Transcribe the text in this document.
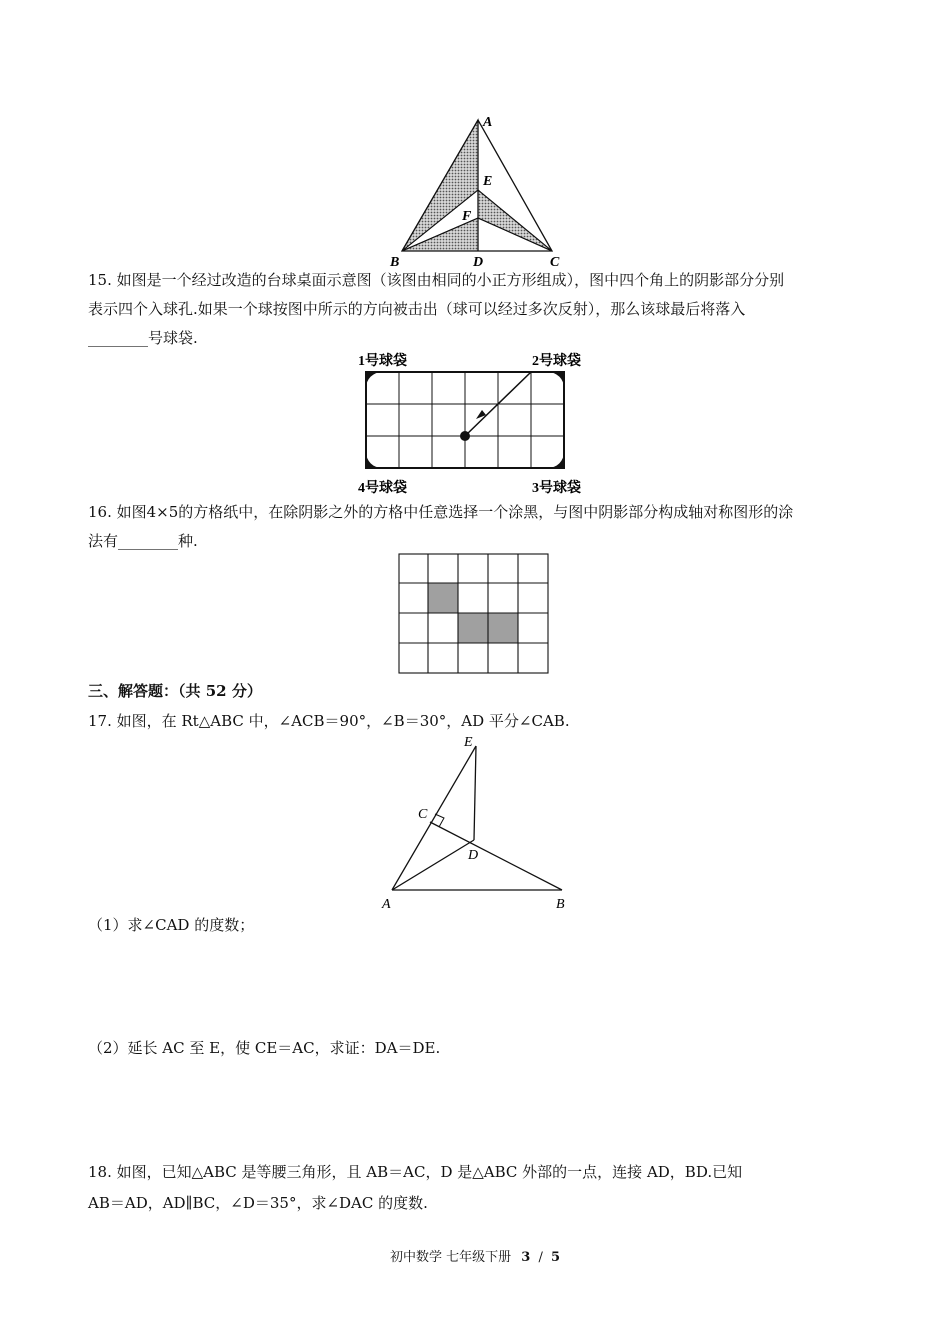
A
E
F
B	D	C
15. 如图是一个经过改造的台球桌面示意图（该图由相同的小正方形组成），图中四个角上的阴影部分分别
表示四个入球孔.如果一个球按图中所示的方向被击出（球可以经过多次反射），那么该球最后将落入
________号球袋.
1号球袋	2号球袋
4号球袋	3号球袋
16. 如图4×5的方格纸中，在除阴影之外的方格中任意选择一个涂黑，与图中阴影部分构成轴对称图形的涂
法有________种.
三、解答题：（共 52 分）
17. 如图，在 Rt△ABC 中，∠ACB＝90°，∠B＝30°，AD 平分∠CAB.
E
C
D
A	B
（1）求∠CAD 的度数；
（2）延长 AC 至 E，使 CE＝AC，求证：DA＝DE.
18. 如图，已知△ABC 是等腰三角形，且 AB＝AC，D 是△ABC 外部的一点，连接 AD，BD.已知
AB＝AD，AD∥BC，∠D＝35°，求∠DAC 的度数.
初中数学 七年级下册 3 / 5
